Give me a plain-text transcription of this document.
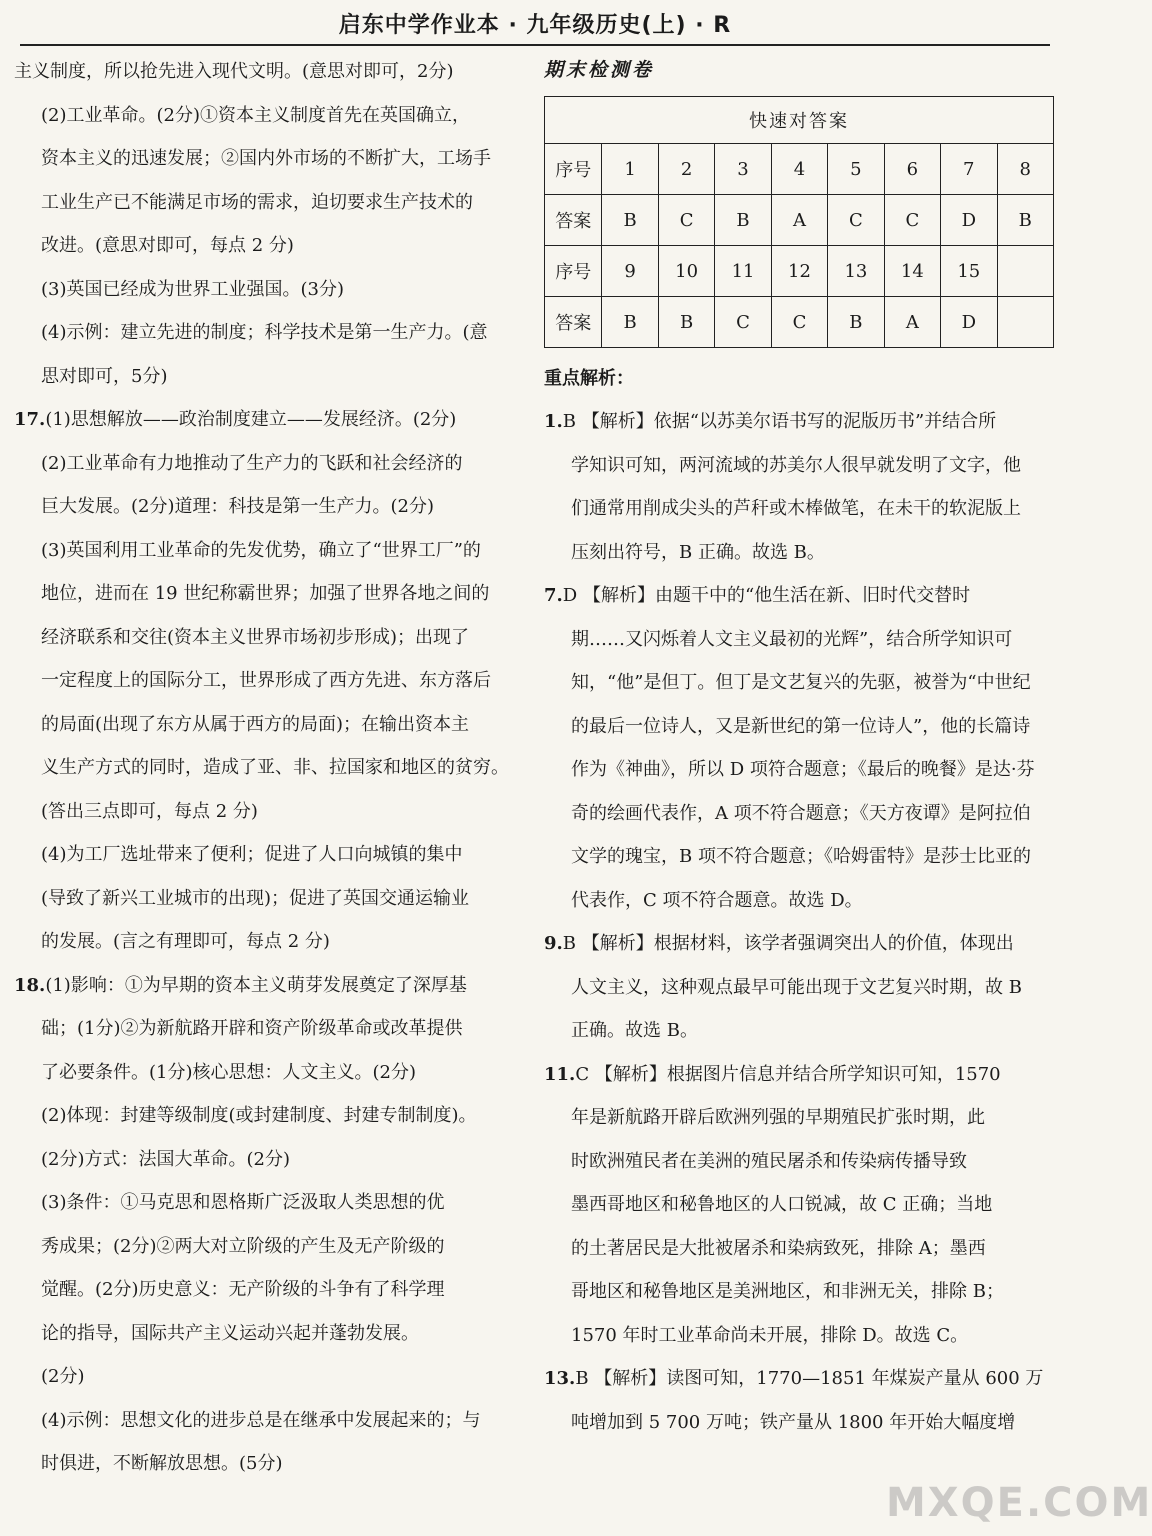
启东中学作业本 · 九年级历史(上) · R
主义制度，所以抢先进入现代文明。(意思对即可，2分)
(2)工业革命。(2分)①资本主义制度首先在英国确立，
资本主义的迅速发展；②国内外市场的不断扩大，工场手
工业生产已不能满足市场的需求，迫切要求生产技术的
改进。(意思对即可，每点 2 分)
(3)英国已经成为世界工业强国。(3分)
(4)示例：建立先进的制度；科学技术是第一生产力。(意
思对即可，5分)
17.(1)思想解放——政治制度建立——发展经济。(2分)
(2)工业革命有力地推动了生产力的飞跃和社会经济的
巨大发展。(2分)道理：科技是第一生产力。(2分)
(3)英国利用工业革命的先发优势，确立了“世界工厂”的
地位，进而在 19 世纪称霸世界；加强了世界各地之间的
经济联系和交往(资本主义世界市场初步形成)；出现了
一定程度上的国际分工，世界形成了西方先进、东方落后
的局面(出现了东方从属于西方的局面)；在输出资本主
义生产方式的同时，造成了亚、非、拉国家和地区的贫穷。
(答出三点即可，每点 2 分)
(4)为工厂选址带来了便利；促进了人口向城镇的集中
(导致了新兴工业城市的出现)；促进了英国交通运输业
的发展。(言之有理即可，每点 2 分)
18.(1)影响：①为早期的资本主义萌芽发展奠定了深厚基
础；(1分)②为新航路开辟和资产阶级革命或改革提供
了必要条件。(1分)核心思想：人文主义。(2分)
(2)体现：封建等级制度(或封建制度、封建专制制度)。
(2分)方式：法国大革命。(2分)
(3)条件：①马克思和恩格斯广泛汲取人类思想的优
秀成果；(2分)②两大对立阶级的产生及无产阶级的
觉醒。(2分)历史意义：无产阶级的斗争有了科学理
论的指导，国际共产主义运动兴起并蓬勃发展。
(2分)
(4)示例：思想文化的进步总是在继承中发展起来的；与
时俱进，不断解放思想。(5分)
期末检测卷
快速对答案								
序号	1	2	3	4	5	6	7	8
答案	B	C	B	A	C	C	D	B
序号	9	10	11	12	13	14	15	
答案	B	B	C	C	B	A	D	
重点解析：
1.B 【解析】依据“以苏美尔语书写的泥版历书”并结合所
学知识可知，两河流域的苏美尔人很早就发明了文字，他
们通常用削成尖头的芦秆或木棒做笔，在未干的软泥版上
压刻出符号，B 正确。故选 B。
7.D 【解析】由题干中的“他生活在新、旧时代交替时
期……又闪烁着人文主义最初的光辉”，结合所学知识可
知，“他”是但丁。但丁是文艺复兴的先驱，被誉为“中世纪
的最后一位诗人，又是新世纪的第一位诗人”，他的长篇诗
作为《神曲》，所以 D 项符合题意；《最后的晚餐》是达·芬
奇的绘画代表作，A 项不符合题意；《天方夜谭》是阿拉伯
文学的瑰宝，B 项不符合题意；《哈姆雷特》是莎士比亚的
代表作，C 项不符合题意。故选 D。
9.B 【解析】根据材料，该学者强调突出人的价值，体现出
人文主义，这种观点最早可能出现于文艺复兴时期，故 B
正确。故选 B。
11.C 【解析】根据图片信息并结合所学知识可知，1570
年是新航路开辟后欧洲列强的早期殖民扩张时期，此
时欧洲殖民者在美洲的殖民屠杀和传染病传播导致
墨西哥地区和秘鲁地区的人口锐减，故 C 正确；当地
的土著居民是大批被屠杀和染病致死，排除 A；墨西
哥地区和秘鲁地区是美洲地区，和非洲无关，排除 B；
1570 年时工业革命尚未开展，排除 D。故选 C。
13.B 【解析】读图可知，1770—1851 年煤炭产量从 600 万
吨增加到 5 700 万吨；铁产量从 1800 年开始大幅度增
MXQE.COM
